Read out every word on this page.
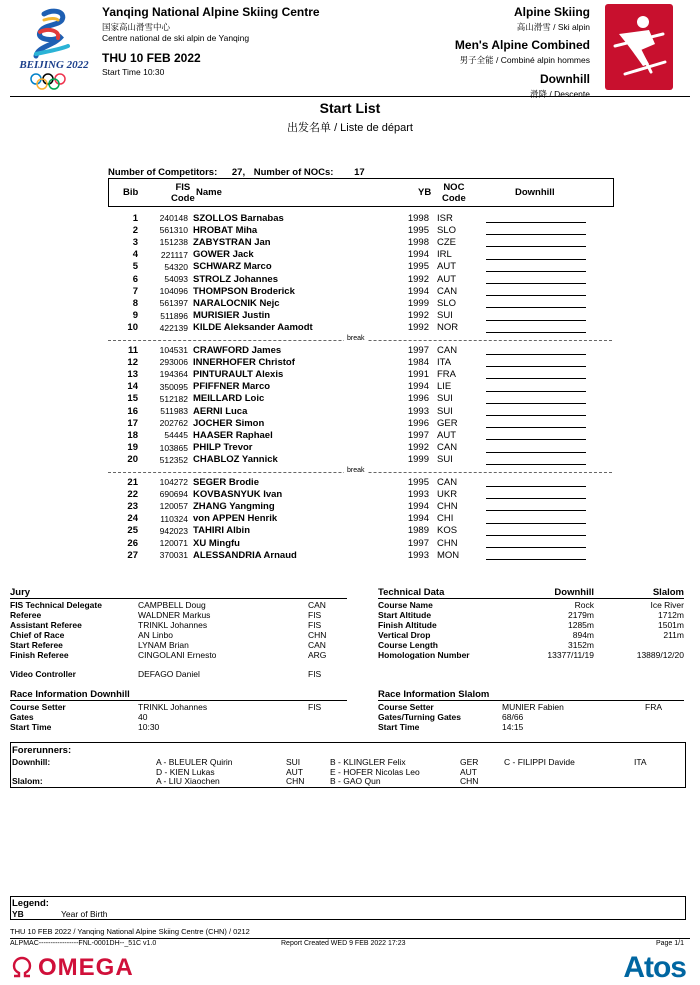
BEIJING 2022
Yanqing National Alpine Skiing Centre
国家高山滑雪中心
Centre national de ski alpin de Yanqing
THU 10 FEB 2022
Start Time 10:30
Alpine Skiing
高山滑雪 / Ski alpin
Men's Alpine Combined
男子全能 / Combiné alpin hommes
Downhill
滑降 / Descente
Start List
出发名单 / Liste de départ
Number of Competitors: 27, Number of NOCs: 17
Bib	FIS
Code
Name	YB NOC
Code
Downhill
1	240148	SZOLLOS Barnabas	1998	ISR	

2	561310	HROBAT Miha	1995	SLO	

3	151238	ZABYSTRAN Jan	1998	CZE	

4	221117	GOWER Jack	1994	IRL	

5	54320	SCHWARZ Marco	1995	AUT	

6	54093	STROLZ Johannes	1992	AUT	

7	104096	THOMPSON Broderick	1994	CAN	

8	561397	NARALOCNIK Nejc	1999	SLO	

9	511896	MURISIER Justin	1992	SUI	

10	422139	KILDE Aleksander Aamodt	1992	NOR	
break
11	104531	CRAWFORD James	1997	CAN	

12	293006	INNERHOFER Christof	1984	ITA	

13	194364	PINTURAULT Alexis	1991	FRA	

14	350095	PFIFFNER Marco	1994	LIE	

15	512182	MEILLARD Loic	1996	SUI	

16	511983	AERNI Luca	1993	SUI	

17	202762	JOCHER Simon	1996	GER	

18	54445	HAASER Raphael	1997	AUT	

19	103865	PHILP Trevor	1992	CAN	

20	512352	CHABLOZ Yannick	1999	SUI	
break
21	104272	SEGER Brodie	1995	CAN	

22	690694	KOVBASNYUK Ivan	1993	UKR	

23	120057	ZHANG Yangming	1994	CHN	

24	110324	von APPEN Henrik	1994	CHI	

25	942023	TAHIRI Albin	1989	KOS	

26	120071	XU Mingfu	1997	CHN	

27	370031	ALESSANDRIA Arnaud	1993	MON	
Jury
FIS Technical Delegate	CAMPBELL Doug	CAN
Referee	WALDNER Markus	FIS
Assistant Referee	TRINKL Johannes	FIS
Chief of Race	AN Linbo	CHN
Start Referee	LYNAM Brian	CAN
Finish Referee	CINGOLANI Ernesto	ARG
Video Controller	DEFAGO Daniel	FIS
Technical Data	Downhill	Slalom
Course Name	Rock	Ice River
Start Altitude	2179m	1712m
Finish Altitude	1285m	1501m
Vertical Drop	894m	211m
Course Length	3152m	
Homologation Number	13377/11/19	13889/12/20
Race Information Downhill
Course Setter	TRINKL Johannes	FIS
Gates	40	
Start Time	10:30	
Race Information Slalom
Course Setter	MUNIER Fabien	FRA
Gates/Turning Gates	68/66	
Start Time	14:15	
Forerunners:
Downhill:
Slalom:
A - BLEULER Quirin	SUI	B - KLINGLER Felix	GER	C - FILIPPI Davide	ITA
D - KIEN Lukas	AUT	E - HOFER Nicolas Leo	AUT
A - LIU Xiaochen	CHN	B - GAO Qun	CHN
Legend:
YB	Year of Birth
THU 10 FEB 2022 / Yanqing National Alpine Skiing Centre (CHN) / 0212
ALPMAC-----------------FNL-0001DH--_51C v1.0	Report Created WED 9 FEB 2022 17:23	Page 1/1
OMEGA	Atos
